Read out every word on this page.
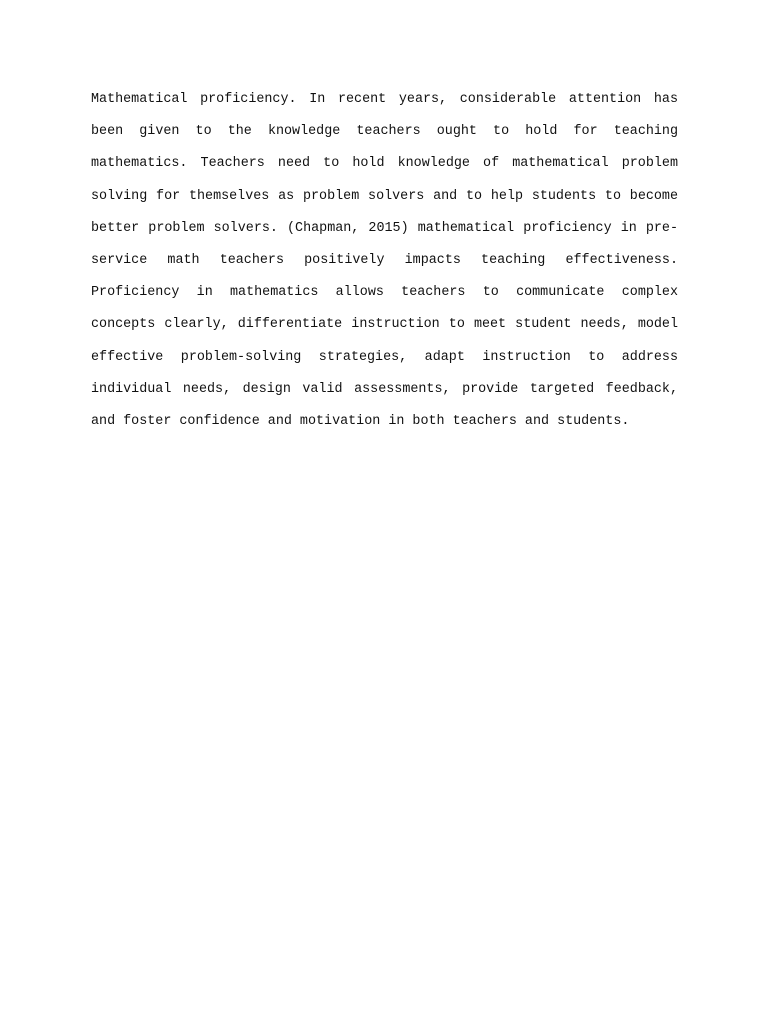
Mathematical proficiency. In recent years, considerable attention has been given to the knowledge teachers ought to hold for teaching mathematics. Teachers need to hold knowledge of mathematical problem solving for themselves as problem solvers and to help students to become better problem solvers. (Chapman, 2015) mathematical proficiency in pre-service math teachers positively impacts teaching effectiveness. Proficiency in mathematics allows teachers to communicate complex concepts clearly, differentiate instruction to meet student needs, model effective problem-solving strategies, adapt instruction to address individual needs, design valid assessments, provide targeted feedback, and foster confidence and motivation in both teachers and students.
